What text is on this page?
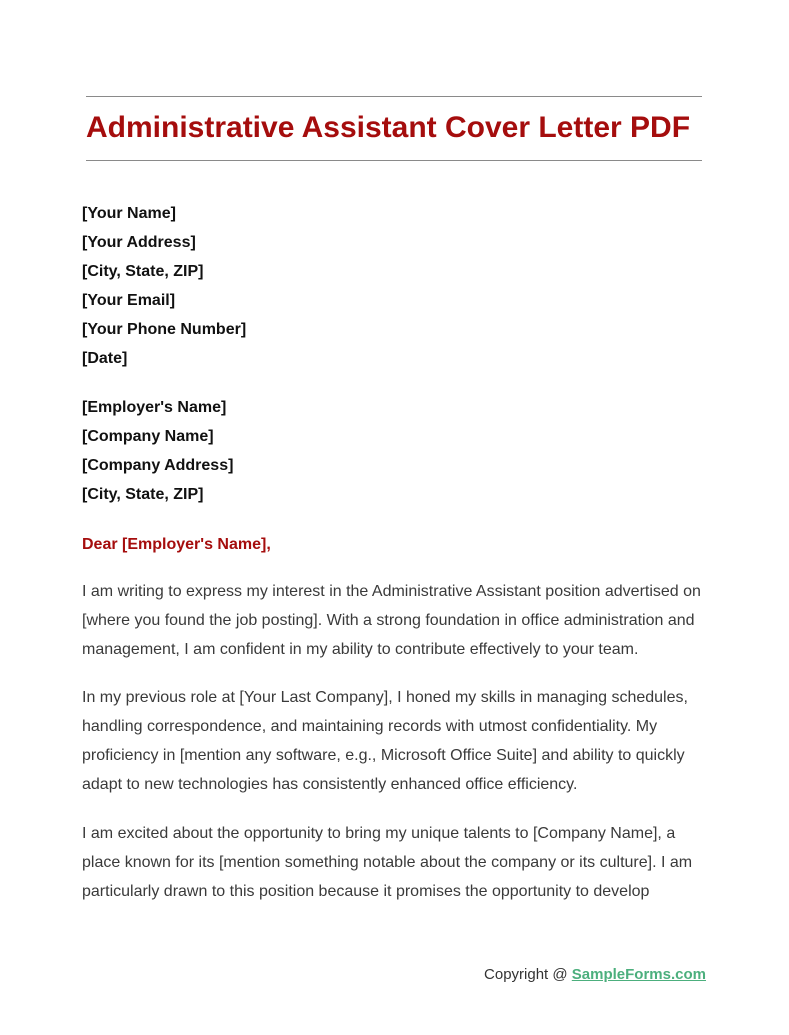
Administrative Assistant Cover Letter PDF
[Your Name]
[Your Address]
[City, State, ZIP]
[Your Email]
[Your Phone Number]
[Date]
[Employer's Name]
[Company Name]
[Company Address]
[City, State, ZIP]
Dear [Employer's Name],

I am writing to express my interest in the Administrative Assistant position advertised on [where you found the job posting]. With a strong foundation in office administration and management, I am confident in my ability to contribute effectively to your team.

In my previous role at [Your Last Company], I honed my skills in managing schedules, handling correspondence, and maintaining records with utmost confidentiality. My proficiency in [mention any software, e.g., Microsoft Office Suite] and ability to quickly adapt to new technologies has consistently enhanced office efficiency.

I am excited about the opportunity to bring my unique talents to [Company Name], a place known for its [mention something notable about the company or its culture]. I am particularly drawn to this position because it promises the opportunity to develop

Copyright @ SampleForms.com
